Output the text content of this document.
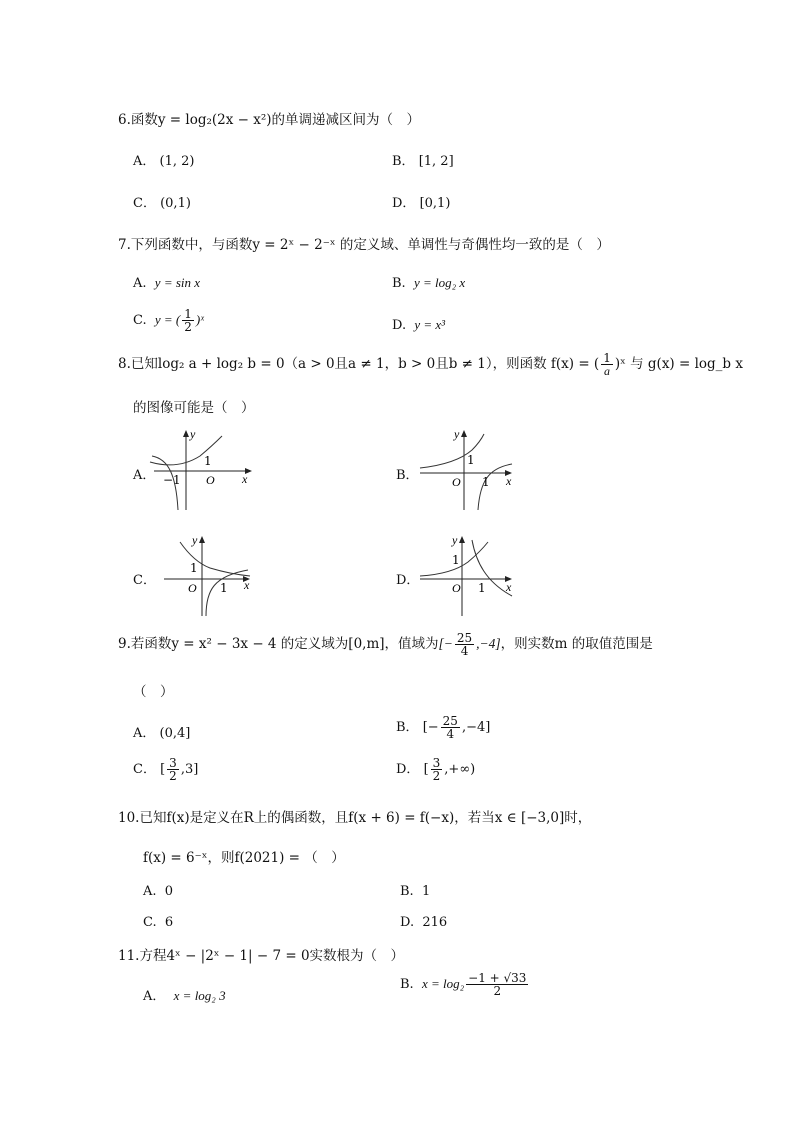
6.函数y = log₂(2x − x²)的单调递减区间为（　）
A． (1, 2)	B． [1, 2]
C． (0,1)	D． [0,1)
7.下列函数中，与函数y = 2ˣ − 2⁻ˣ 的定义域、单调性与奇偶性均一致的是（　）
A. y = sin x	B. y = log₂ x
C. y = ( $\frac{1}{2}$ )ˣ	D. y = x³
8.已知log₂ a + log₂ b = 0（a > 0且a ≠ 1，b > 0且b ≠ 1），则函数 f(x) = ( $\frac{1}{a}$ )ˣ 与 g(x) = log_b x
的图像可能是（　）
A．	B．
C．	D．
−1 O
1
x
y
O 1
1
x
y
O 1
1
x
y
O 1
1
x
y
9.若函数y = x² − 3x − 4 的定义域为[0,m]，值域为[− $\frac{25}{4} ,-4$]，则实数m 的取值范围是
（　）
A． (0,4]	B． [− $\frac{25}{4} ,-4$]
C． [ $\frac{3}{2} ,3$]	D． [ $\frac{3}{2}$ ,+∞)
10.已知f(x)是定义在R上的偶函数，且f(x + 6) = f(−x)，若当x ∈ [−3,0]时，
f(x) = 6⁻ˣ，则f(2021) = （　）
A. 0	B. 1
C. 6	D. 216
11.方程4ˣ − |2ˣ − 1| − 7 = 0实数根为（　）
A． x = log₂ 3
B. $x = \log_2 \frac{-1 + √33}{2}$
